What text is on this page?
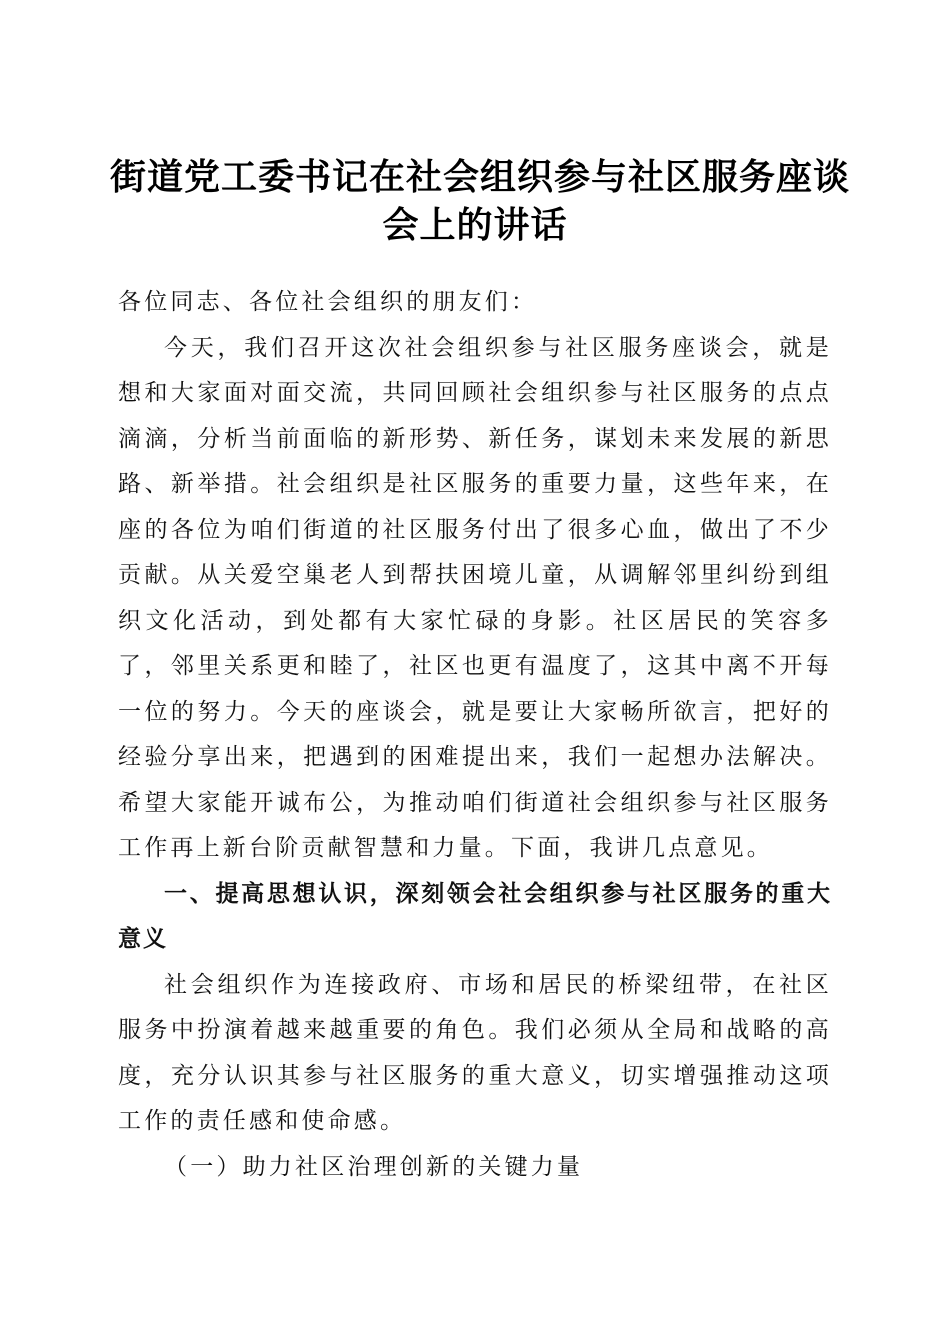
街道党工委书记在社会组织参与社区服务座谈
会上的讲话

各位同志、各位社会组织的朋友们：

今天，我们召开这次社会组织参与社区服务座谈会，就是想和大家面对面交流，共同回顾社会组织参与社区服务的点点滴滴，分析当前面临的新形势、新任务，谋划未来发展的新思路、新举措。社会组织是社区服务的重要力量，这些年来，在座的各位为咱们街道的社区服务付出了很多心血，做出了不少贡献。从关爱空巢老人到帮扶困境儿童，从调解邻里纠纷到组织文化活动，到处都有大家忙碌的身影。社区居民的笑容多了，邻里关系更和睦了，社区也更有温度了，这其中离不开每一位的努力。今天的座谈会，就是要让大家畅所欲言，把好的经验分享出来，把遇到的困难提出来，我们一起想办法解决。希望大家能开诚布公，为推动咱们街道社会组织参与社区服务工作再上新台阶贡献智慧和力量。下面，我讲几点意见。

一、提高思想认识，深刻领会社会组织参与社区服务的重大意义

社会组织作为连接政府、市场和居民的桥梁纽带，在社区服务中扮演着越来越重要的角色。我们必须从全局和战略的高度，充分认识其参与社区服务的重大意义，切实增强推动这项工作的责任感和使命感。

（一）助力社区治理创新的关键力量
